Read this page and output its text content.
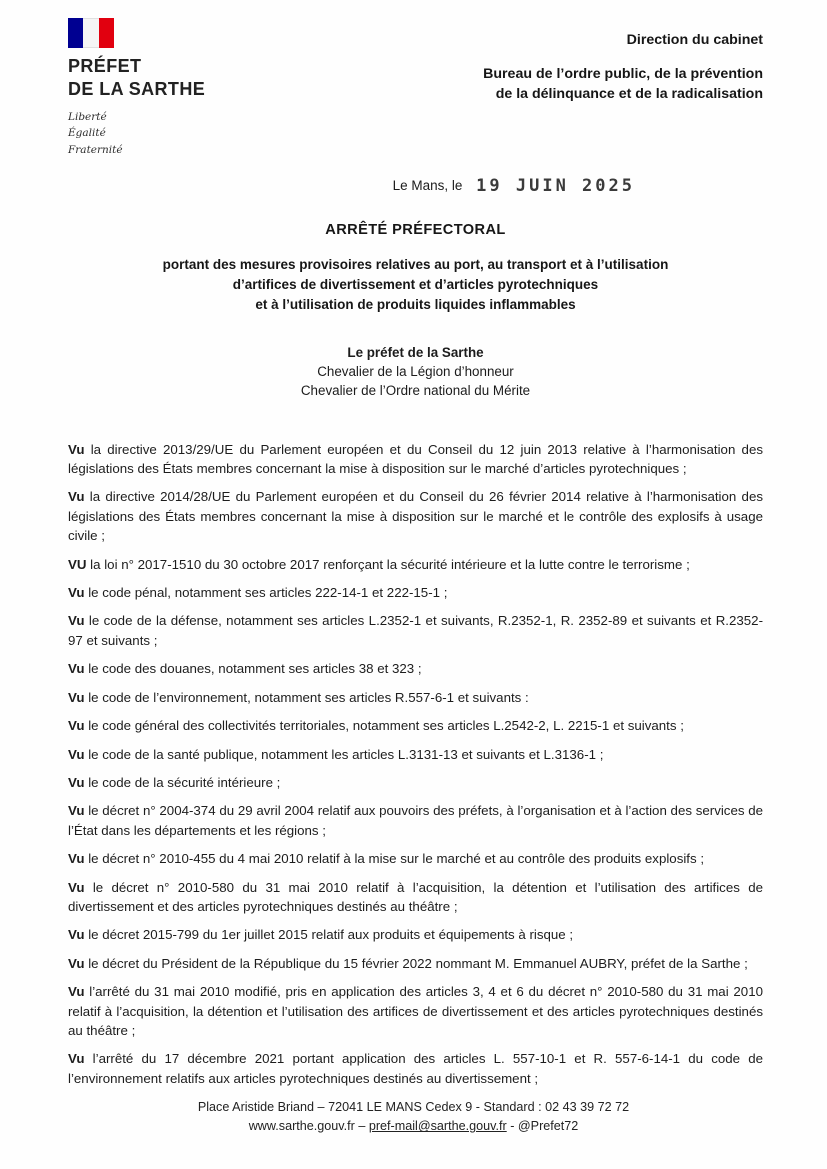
PRÉFET
DE LA SARTHE
Liberté
Égalité
Fraternité
Direction du cabinet
Bureau de l’ordre public, de la prévention
de la délinquance et de la radicalisation
Le Mans, le 19 JUIN 2025
ARRÊTÉ PRÉFECTORAL
portant des mesures provisoires relatives au port, au transport et à l’utilisation
d’artifices de divertissement et d’articles pyrotechniques
et à l’utilisation de produits liquides inflammables
Le préfet de la Sarthe
Chevalier de la Légion d’honneur
Chevalier de l’Ordre national du Mérite

Vu la directive 2013/29/UE du Parlement européen et du Conseil du 12 juin 2013 relative à l’harmonisation des législations des États membres concernant la mise à disposition sur le marché d’articles pyrotechniques ;

Vu la directive 2014/28/UE du Parlement européen et du Conseil du 26 février 2014 relative à l’harmonisation des législations des États membres concernant la mise à disposition sur le marché et le contrôle des explosifs à usage civile ;

VU la loi n° 2017-1510 du 30 octobre 2017 renforçant la sécurité intérieure et la lutte contre le terrorisme ;

Vu le code pénal, notamment ses articles 222-14-1 et 222-15-1 ;

Vu le code de la défense, notamment ses articles L.2352-1 et suivants, R.2352-1, R. 2352-89 et suivants et R.2352-97 et suivants ;

Vu le code des douanes, notamment ses articles 38 et 323 ;

Vu le code de l’environnement, notamment ses articles R.557-6-1 et suivants :

Vu le code général des collectivités territoriales, notamment ses articles L.2542-2, L. 2215-1 et suivants ;

Vu le code de la santé publique, notamment les articles L.3131-13 et suivants et L.3136-1 ;

Vu le code de la sécurité intérieure ;

Vu le décret n° 2004-374 du 29 avril 2004 relatif aux pouvoirs des préfets, à l’organisation et à l’action des services de l’État dans les départements et les régions ;

Vu le décret n° 2010-455 du 4 mai 2010 relatif à la mise sur le marché et au contrôle des produits explosifs ;

Vu le décret n° 2010-580 du 31 mai 2010 relatif à l’acquisition, la détention et l’utilisation des artifices de divertissement et des articles pyrotechniques destinés au théâtre ;

Vu le décret 2015-799 du 1er juillet 2015 relatif aux produits et équipements à risque ;

Vu le décret du Président de la République du 15 février 2022 nommant M. Emmanuel AUBRY, préfet de la Sarthe ;

Vu l’arrêté du 31 mai 2010 modifié, pris en application des articles 3, 4 et 6 du décret n° 2010-580 du 31 mai 2010 relatif à l’acquisition, la détention et l’utilisation des artifices de divertissement et des articles pyrotechniques destinés au théâtre ;

Vu l’arrêté du 17 décembre 2021 portant application des articles L. 557-10-1 et R. 557-6-14-1 du code de l’environnement relatifs aux articles pyrotechniques destinés au divertissement ;

Place Aristide Briand – 72041 LE MANS Cedex 9 - Standard : 02 43 39 72 72
www.sarthe.gouv.fr – pref-mail@sarthe.gouv.fr - @Prefet72
